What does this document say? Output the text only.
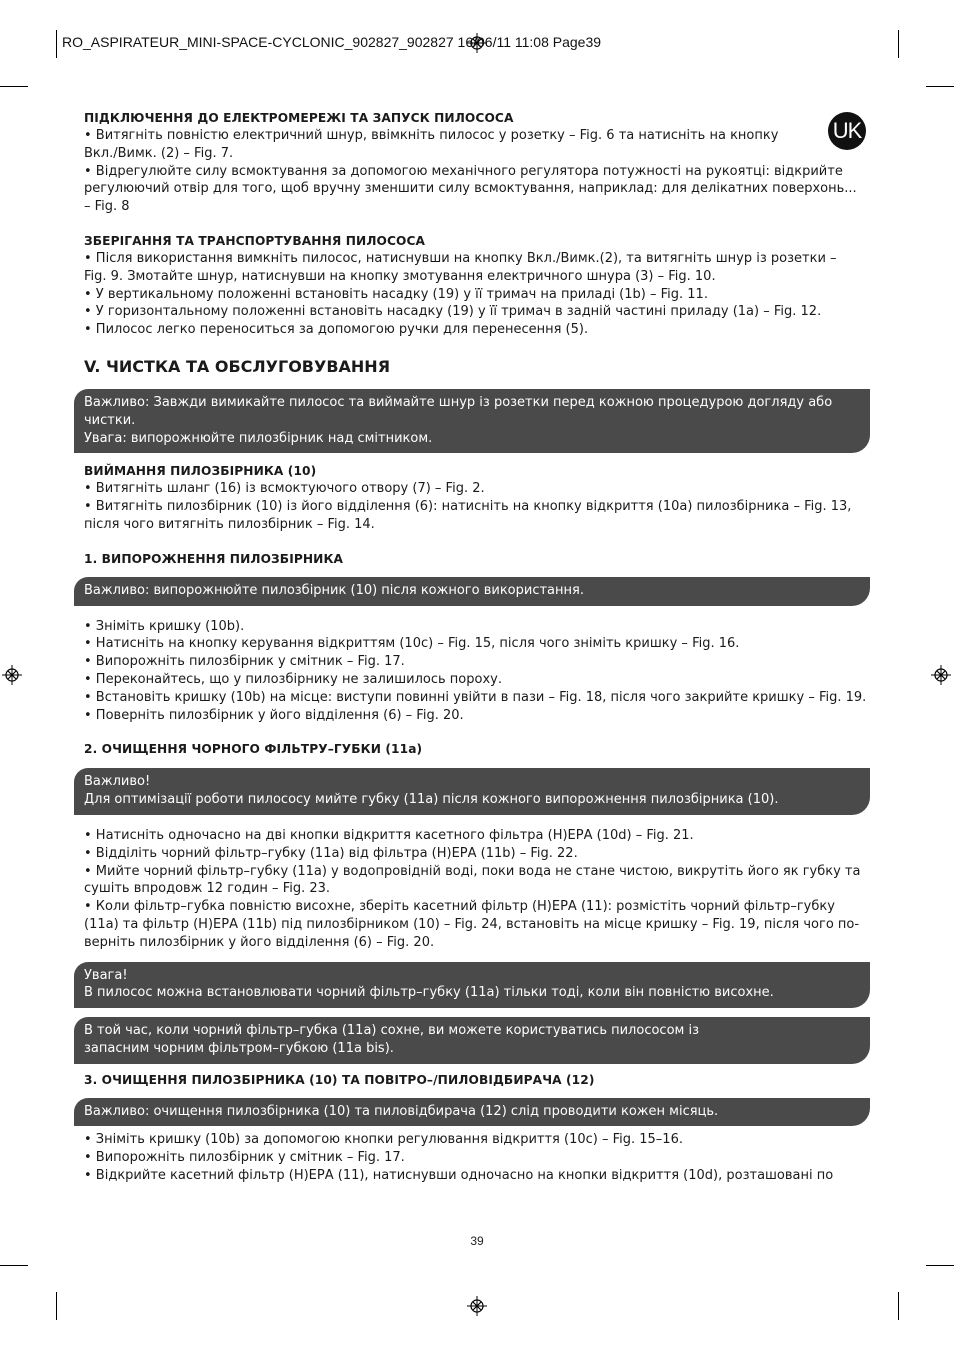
RO_ASPIRATEUR_MINI-SPACE-CYCLONIC_902827_902827 16/06/11 11:08 Page39
UK
ПІДКЛЮЧЕННЯ ДО ЕЛЕКТРОМЕРЕЖІ ТА ЗАПУСК ПИЛОСОСА

• Витягніть повністю електричний шнур, ввімкніть пилосос у розетку – Fig. 6 та натисніть на кнопку

Вкл./Вимк. (2) – Fig. 7.

• Відрегулюйте силу всмоктування за допомогою механічного регулятора потужності на рукоятці: відкрийте

регулюючий отвір для того, щоб вручну зменшити силу всмоктування, наприклад: для делікатних поверхонь...

– Fig. 8

ЗБЕРІГАННЯ ТА ТРАНСПОРТУВАННЯ ПИЛОСОСА

• Після використання вимкніть пилосос, натиснувши на кнопку Вкл./Вимк.(2), та витягніть шнур із розетки –

Fig. 9. Змотайте шнур, натиснувши на кнопку змотування електричного шнура (3) – Fig. 10.

• У вертикальному положенні встановіть насадку (19) у її тримач на приладі (1b) – Fig. 11.

• У горизонтальному положенні встановіть насадку (19) у її тримач в задній частині приладу (1a) – Fig. 12.

• Пилосос легко переноситься за допомогою ручки для перенесення (5).

V. ЧИСТКА ТА ОБСЛУГОВУВАННЯ

Важливо: Завжди вимикайте пилосос та виймайте шнур із розетки перед кожною процедурою догляду або

чистки.

Увага: випорожнюйте пилозбірник над смітником.

ВИЙМАННЯ ПИЛОЗБІРНИКА (10)

• Витягніть шланг (16) із всмоктуючого отвору (7) – Fig. 2.

• Витягніть пилозбірник (10) із його відділення (6): натисніть на кнопку відкриття (10a) пилозбірника – Fig. 13,

після чого витягніть пилозбірник – Fig. 14.

1. ВИПОРОЖНЕННЯ ПИЛОЗБІРНИКА

Важливо: випорожнюйте пилозбірник (10) після кожного використання.

• Зніміть кришку (10b).

• Натисніть на кнопку керування відкриттям (10c) – Fig. 15, після чого зніміть кришку – Fig. 16.

• Випорожніть пилозбірник у смітник – Fig. 17.

• Переконайтесь, що у пилозбірнику не залишилось пороху.

• Встановіть кришку (10b) на місце: виступи повинні увійти в пази – Fig. 18, після чого закрийте кришку – Fig. 19.

• Поверніть пилозбірник у його відділення (6) – Fig. 20.

2. ОЧИЩЕННЯ ЧОРНОГО ФІЛЬТРУ–ГУБКИ (11a)

Важливо!

Для оптимізації роботи пилососу мийте губку (11a) після кожного випорожнення пилозбірника (10).

• Натисніть одночасно на дві кнопки відкриття касетного фільтра (Н)ЕРА (10d) – Fig. 21.

• Відділіть чорний фільтр–губку (11a) від фільтра (Н)ЕРА (11b) – Fig. 22.

• Мийте чорний фільтр–губку (11a) у водопровідній воді, поки вода не стане чистою, викрутіть його як губку та

сушіть впродовж 12 годин – Fig. 23.

• Коли фільтр–губка повністю висохне, зберіть касетний фільтр (Н)ЕРА (11): розмістіть чорний фільтр–губку

(11a) та фільтр (Н)ЕРА (11b) під пилозбірником (10) – Fig. 24, встановіть на місце кришку – Fig. 19, після чого по-

верніть пилозбірник у його відділення (6) – Fig. 20.

Увага!

В пилосос можна встановлювати чорний фільтр–губку (11a) тільки тоді, коли він повністю висохне.

В той час, коли чорний фільтр–губка (11a) сохне, ви можете користуватись пилососом із

запасним чорним фільтром–губкою (11a bis).

3. ОЧИЩЕННЯ ПИЛОЗБІРНИКА (10) ТА ПОВІТРО–/ПИЛОВІДБИРАЧА (12)

Важливо: очищення пилозбірника (10) та пиловідбирача (12) слід проводити кожен місяць.

• Зніміть кришку (10b) за допомогою кнопки регулювання відкриття (10c) – Fig. 15–16.

• Випорожніть пилозбірник у смітник – Fig. 17.

• Відкрийте касетний фільтр (Н)ЕРА (11), натиснувши одночасно на кнопки відкриття (10d), розташовані по

39
